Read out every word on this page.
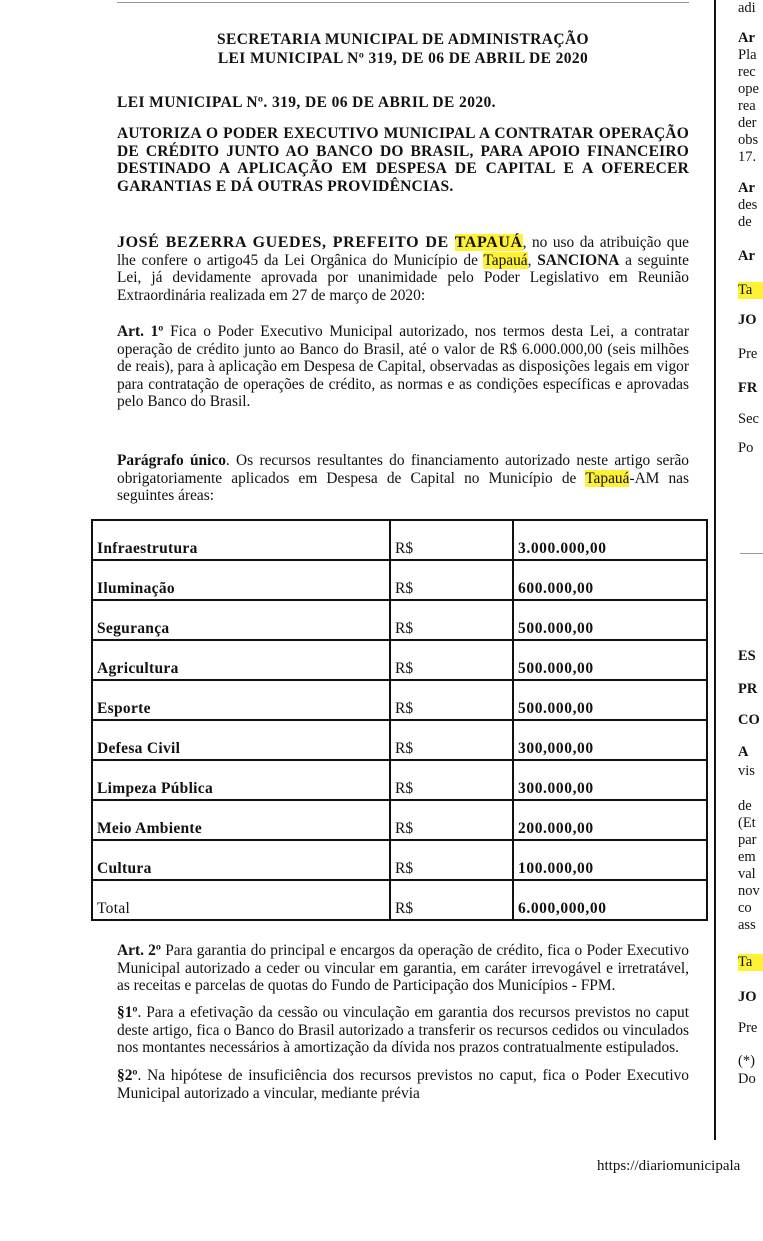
SECRETARIA MUNICIPAL DE ADMINISTRAÇÃO
LEI MUNICIPAL Nº 319, DE 06 DE ABRIL DE 2020
LEI MUNICIPAL Nº. 319, DE 06 DE ABRIL DE 2020.
AUTORIZA O PODER EXECUTIVO MUNICIPAL A CONTRATAR OPERAÇÃO DE CRÉDITO JUNTO AO BANCO DO BRASIL, PARA APOIO FINANCEIRO DESTINADO A APLICAÇÃO EM DESPESA DE CAPITAL E A OFERECER GARANTIAS E DÁ OUTRAS PROVIDÊNCIAS.
JOSÉ BEZERRA GUEDES, PREFEITO DE TAPAUÁ, no uso da atribuição que lhe confere o artigo45 da Lei Orgânica do Município de Tapauá, SANCIONA a seguinte Lei, já devidamente aprovada por unanimidade pelo Poder Legislativo em Reunião Extraordinária realizada em 27 de março de 2020:
Art. 1º Fica o Poder Executivo Municipal autorizado, nos termos desta Lei, a contratar operação de crédito junto ao Banco do Brasil, até o valor de R$ 6.000.000,00 (seis milhões de reais), para à aplicação em Despesa de Capital, observadas as disposições legais em vigor para contratação de operações de crédito, as normas e as condições específicas e aprovadas pelo Banco do Brasil.
Parágrafo único. Os recursos resultantes do financiamento autorizado neste artigo serão obrigatoriamente aplicados em Despesa de Capital no Município de Tapauá-AM nas seguintes áreas:
Infraestrutura	R$	3.000.000,00
Iluminação	R$	600.000,00
Segurança	R$	500.000,00
Agricultura	R$	500.000,00
Esporte	R$	500.000,00
Defesa Civil	R$	300,000,00
Limpeza Pública	R$	300.000,00
Meio Ambiente	R$	200.000,00
Cultura	R$	100.000,00
Total	R$	6.000,000,00
Art. 2º Para garantia do principal e encargos da operação de crédito, fica o Poder Executivo Municipal autorizado a ceder ou vincular em garantia, em caráter irrevogável e irretratável, as receitas e parcelas de quotas do Fundo de Participação dos Municípios - FPM.
§1º. Para a efetivação da cessão ou vinculação em garantia dos recursos previstos no caput deste artigo, fica o Banco do Brasil autorizado a transferir os recursos cedidos ou vinculados nos montantes necessários à amortização da dívida nos prazos contratualmente estipulados.
§2º. Na hipótese de insuficiência dos recursos previstos no caput, fica o Poder Executivo Municipal autorizado a vincular, mediante prévia
https://diariomunicipala
adi
Ar
Pla
rec
ope
rea
der
obs
17.
Ar
des
de
Ar
Ta
JO
Pre
FR
Sec
Po
ES
PR
CO
A
vis
de
(Et
par
em
val
nov
co
ass
Ta
JO
Pre
(*)
Do
